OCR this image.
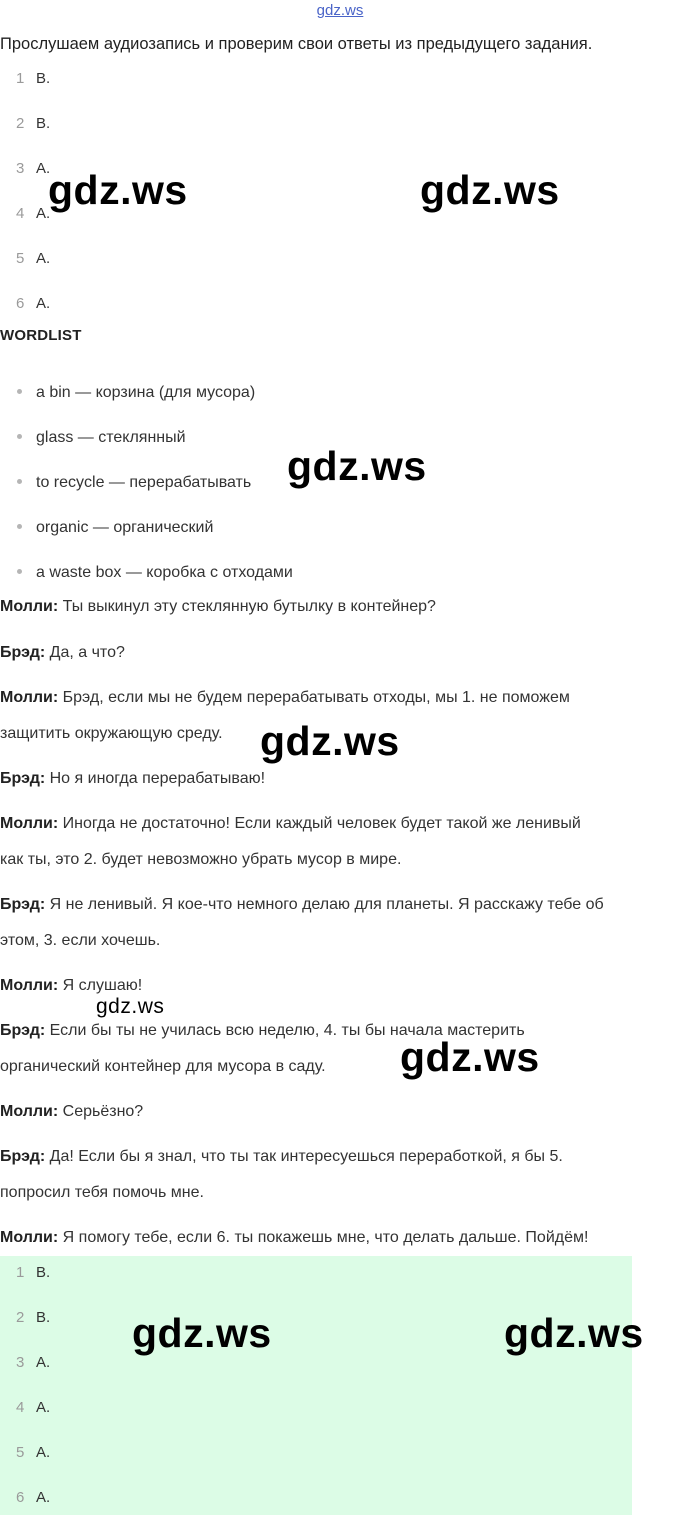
gdz.ws
Прослушаем аудиозапись и проверим свои ответы из предыдущего задания.
1 B.
2 B.
3 A.
4 A.
5 A.
6 A.
WORDLIST
a bin — корзина (для мусора)
glass — стеклянный
to recycle — перерабатывать
organic — органический
a waste box — коробка с отходами
Молли: Ты выкинул эту стеклянную бутылку в контейнер?
Брэд: Да, а что?
Молли: Брэд, если мы не будем перерабатывать отходы, мы 1. не поможем
защитить окружающую среду.
Брэд: Но я иногда перерабатываю!
Молли: Иногда не достаточно! Если каждый человек будет такой же ленивый
как ты, это 2. будет невозможно убрать мусор в мире.
Брэд: Я не ленивый. Я кое-что немного делаю для планеты. Я расскажу тебе об
этом, 3. если хочешь.
Молли: Я слушаю!
Брэд: Если бы ты не училась всю неделю, 4. ты бы начала мастерить
органический контейнер для мусора в саду.
Молли: Серьёзно?
Брэд: Да! Если бы я знал, что ты так интересуешься переработкой, я бы 5.
попросил тебя помочь мне.
Молли: Я помогу тебе, если 6. ты покажешь мне, что делать дальше. Пойдём!
1 B.
2 B.
3 A.
4 A.
5 A.
6 A.
gdz.ws	gdz.ws
gdz.ws
gdz.ws
gdz.ws
gdz.ws
gdz.ws	gdz.ws
